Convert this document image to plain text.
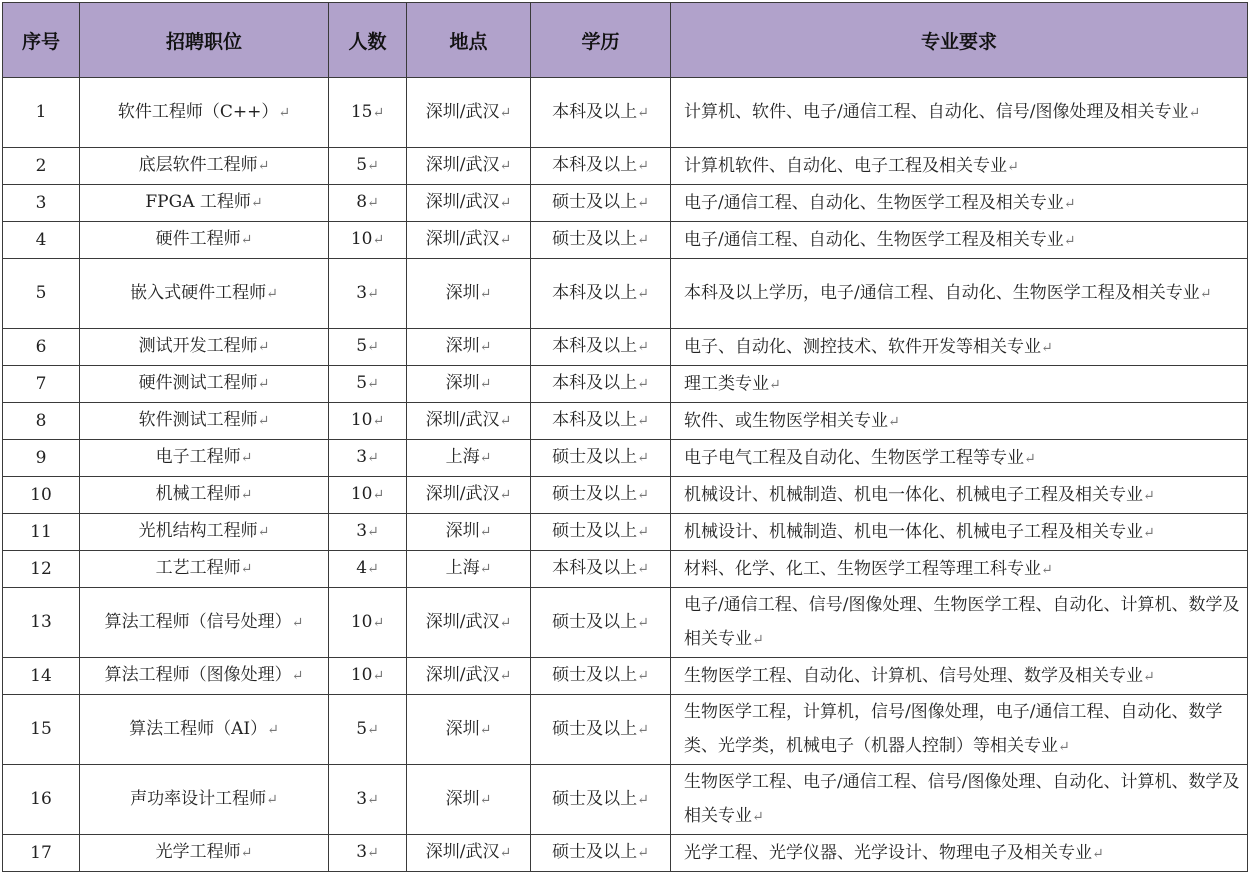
序号	招聘职位	人数	地点	学历	专业要求
1	软件工程师（C++）↵	15↵	深圳/武汉↵	本科及以上↵	计算机、软件、电子/通信工程、自动化、信号/图像处理及相关专业↵
2	底层软件工程师↵	5↵	深圳/武汉↵	本科及以上↵	计算机软件、自动化、电子工程及相关专业↵
3	FPGA 工程师↵	8↵	深圳/武汉↵	硕士及以上↵	电子/通信工程、自动化、生物医学工程及相关专业↵
4	硬件工程师↵	10↵	深圳/武汉↵	硕士及以上↵	电子/通信工程、自动化、生物医学工程及相关专业↵
5	嵌入式硬件工程师↵	3↵	深圳↵	本科及以上↵	本科及以上学历，电子/通信工程、自动化、生物医学工程及相关专业↵
6	测试开发工程师↵	5↵	深圳↵	本科及以上↵	电子、自动化、测控技术、软件开发等相关专业↵
7	硬件测试工程师↵	5↵	深圳↵	本科及以上↵	理工类专业↵
8	软件测试工程师↵	10↵	深圳/武汉↵	本科及以上↵	软件、或生物医学相关专业↵
9	电子工程师↵	3↵	上海↵	硕士及以上↵	电子电气工程及自动化、生物医学工程等专业↵
10	机械工程师↵	10↵	深圳/武汉↵	硕士及以上↵	机械设计、机械制造、机电一体化、机械电子工程及相关专业↵
11	光机结构工程师↵	3↵	深圳↵	硕士及以上↵	机械设计、机械制造、机电一体化、机械电子工程及相关专业↵
12	工艺工程师↵	4↵	上海↵	本科及以上↵	材料、化学、化工、生物医学工程等理工科专业↵
13	算法工程师（信号处理）↵	10↵	深圳/武汉↵	硕士及以上↵	电子/通信工程、信号/图像处理、生物医学工程、自动化、计算机、数学及相关专业↵
14	算法工程师（图像处理）↵	10↵	深圳/武汉↵	硕士及以上↵	生物医学工程、自动化、计算机、信号处理、数学及相关专业↵
15	算法工程师（AI）↵	5↵	深圳↵	硕士及以上↵	生物医学工程，计算机，信号/图像处理，电子/通信工程、自动化、数学类、光学类，机械电子（机器人控制）等相关专业↵
16	声功率设计工程师↵	3↵	深圳↵	硕士及以上↵	生物医学工程、电子/通信工程、信号/图像处理、自动化、计算机、数学及相关专业↵
17	光学工程师↵	3↵	深圳/武汉↵	硕士及以上↵	光学工程、光学仪器、光学设计、物理电子及相关专业↵
